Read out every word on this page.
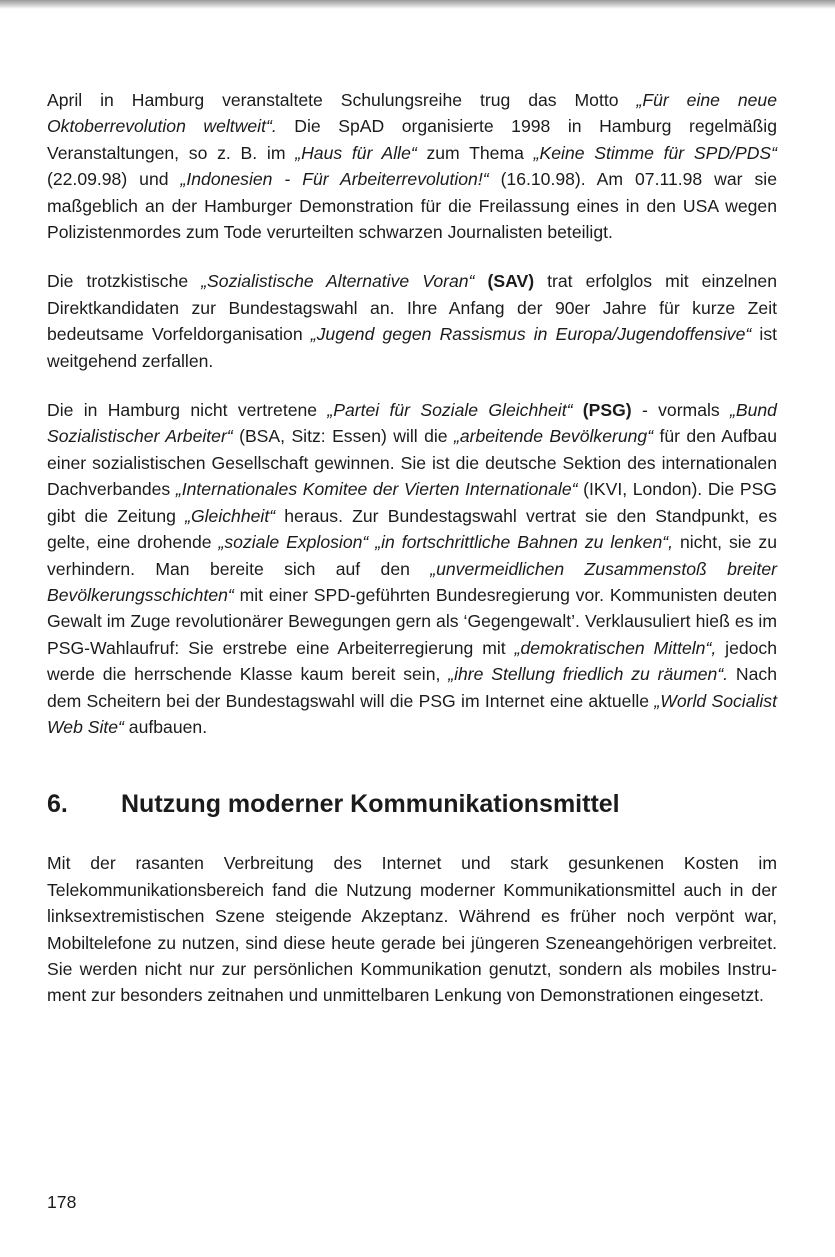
April in Hamburg veranstaltete Schulungsreihe trug das Motto „Für eine neue Oktoberrevolution weltweit“. Die SpAD organisierte 1998 in Hamburg regelmäßig Veranstaltungen, so z. B. im „Haus für Alle“ zum Thema „Keine Stimme für SPD/PDS“ (22.09.98) und „Indonesien - Für Arbeiterrevolution!“ (16.10.98). Am 07.11.98 war sie maßgeblich an der Hamburger Demonstration für die Freilassung eines in den USA wegen Polizistenmordes zum Tode verurteilten schwarzen Journalisten beteiligt.

Die trotzkistische „Sozialistische Alternative Voran“ (SAV) trat erfolglos mit einzelnen Direktkandidaten zur Bundestagswahl an. Ihre Anfang der 90er Jahre für kurze Zeit bedeutsame Vorfeldorganisation „Jugend gegen Rassismus in Europa/Jugendoffensive“ ist weitgehend zerfallen.

Die in Hamburg nicht vertretene „Partei für Soziale Gleichheit“ (PSG) - vormals „Bund Sozialistischer Arbeiter“ (BSA, Sitz: Essen) will die „arbeitende Bevölkerung“ für den Aufbau einer sozialistischen Gesellschaft gewinnen. Sie ist die deutsche Sektion des internationalen Dachverbandes „Internationales Komitee der Vierten Internationale“ (IKVI, London). Die PSG gibt die Zeitung „Gleichheit“ heraus. Zur Bundestagswahl vertrat sie den Standpunkt, es gelte, eine drohende „soziale Explosion“ „in fortschrittliche Bahnen zu lenken“, nicht, sie zu verhindern. Man bereite sich auf den „unvermeidlichen Zusammenstoß breiter Bevölkerungsschichten“ mit einer SPD-geführten Bundesregierung vor. Kommunisten deuten Gewalt im Zuge revolutionärer Bewegungen gern als ‘Gegengewalt’. Verklausuliert hieß es im PSG-Wahlaufruf: Sie erstrebe eine Arbeiterregierung mit „demokratischen Mitteln“, jedoch werde die herrschende Klasse kaum bereit sein, „ihre Stellung friedlich zu räumen“. Nach dem Scheitern bei der Bundestagswahl will die PSG im Internet eine aktuelle „World Socialist Web Site“ aufbauen.

6.	Nutzung moderner Kommunikationsmittel

Mit der rasanten Verbreitung des Internet und stark gesunkenen Kosten im Telekommunikationsbereich fand die Nutzung moderner Kommunikationsmittel auch in der linksextremistischen Szene steigende Akzeptanz. Während es früher noch verpönt war, Mobiltelefone zu nutzen, sind diese heute gerade bei jüngeren Szeneangehörigen verbreitet. Sie werden nicht nur zur persönlichen Kommunikation genutzt, sondern als mobiles Instrument zur besonders zeitnahen und unmittelbaren Lenkung von Demonstrationen eingesetzt.

178
